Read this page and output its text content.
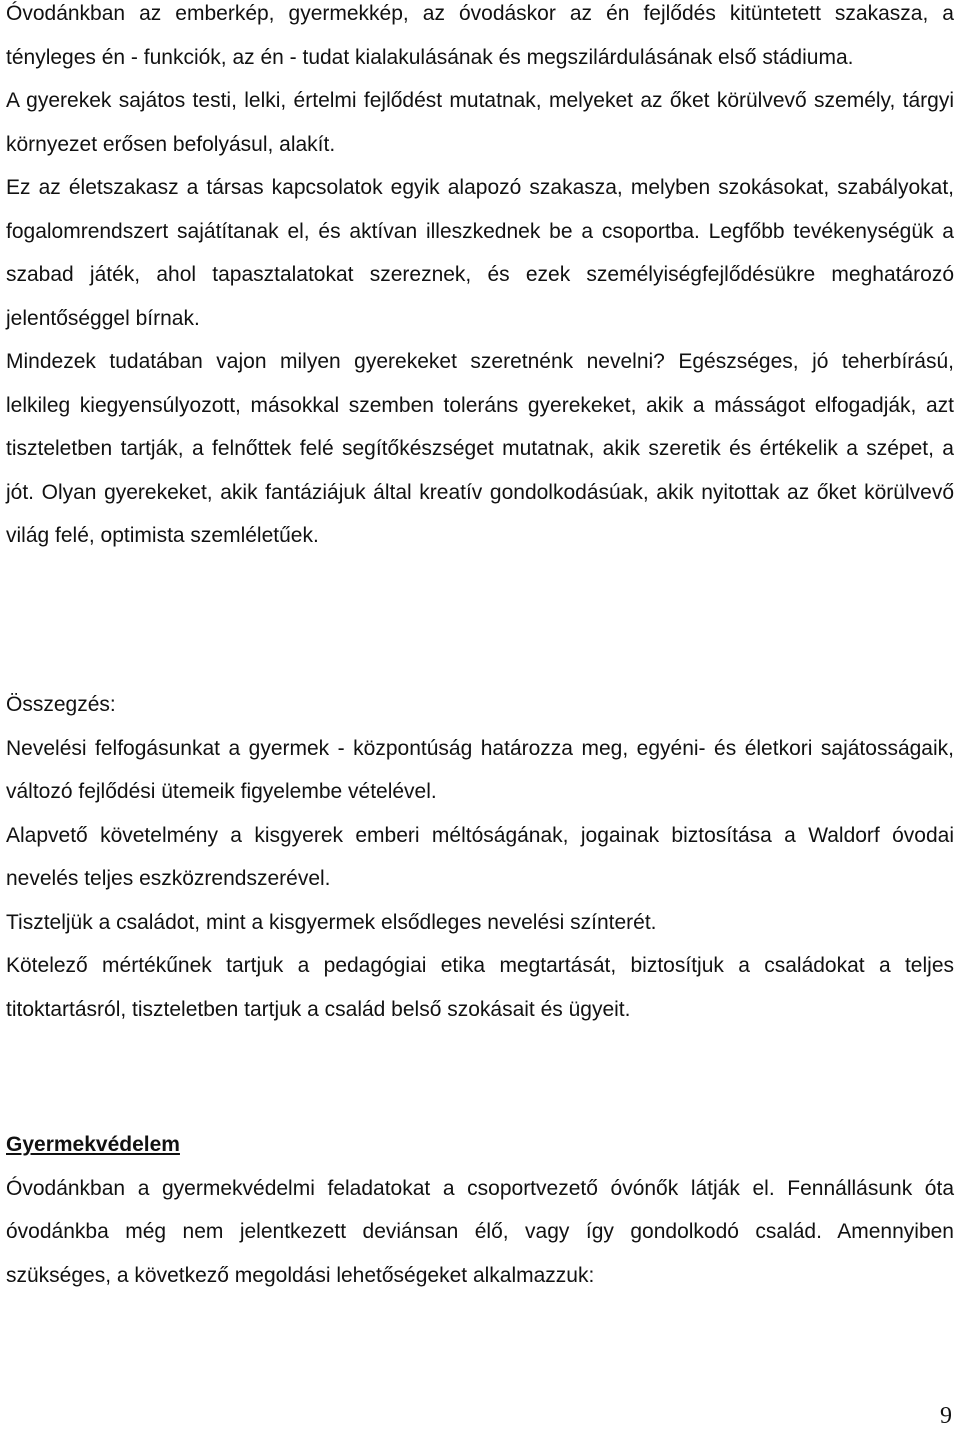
Óvodánkban az emberkép, gyermekkép, az óvodáskor az én fejlődés kitüntetett szakasza, a tényleges én - funkciók, az én - tudat kialakulásának és megszilárdulásának első stádiuma.

A gyerekek sajátos testi, lelki, értelmi fejlődést mutatnak, melyeket az őket körülvevő személy, tárgyi környezet erősen befolyásul, alakít.

Ez az életszakasz a társas kapcsolatok egyik alapozó szakasza, melyben szokásokat, szabályokat, fogalomrendszert sajátítanak el, és aktívan illeszkednek be a csoportba. Legfőbb tevékenységük a szabad játék, ahol tapasztalatokat szereznek, és ezek személyiségfejlődésükre meghatározó jelentőséggel bírnak.

Mindezek tudatában vajon milyen gyerekeket szeretnénk nevelni? Egészséges, jó teherbírású, lelkileg kiegyensúlyozott, másokkal szemben toleráns gyerekeket, akik a másságot elfogadják, azt tiszteletben tartják, a felnőttek felé segítőkészséget mutatnak, akik szeretik és értékelik a szépet, a jót. Olyan gyerekeket, akik fantáziájuk által kreatív gondolkodásúak, akik nyitottak az őket körülvevő világ felé, optimista szemléletűek.

Összegzés:

Nevelési felfogásunkat a gyermek - központúság határozza meg, egyéni- és életkori sajátosságaik, változó fejlődési ütemeik figyelembe vételével.

Alapvető követelmény a kisgyerek emberi méltóságának, jogainak biztosítása a Waldorf óvodai nevelés teljes eszközrendszerével.

Tiszteljük a családot, mint a kisgyermek elsődleges nevelési színterét.

Kötelező mértékűnek tartjuk a pedagógiai etika megtartását, biztosítjuk a családokat a teljes titoktartásról, tiszteletben tartjuk a család belső szokásait és ügyeit.

Gyermekvédelem

Óvodánkban a gyermekvédelmi feladatokat a csoportvezető óvónők látják el. Fennállásunk óta óvodánkba még nem jelentkezett deviánsan élő, vagy így gondolkodó család. Amennyiben szükséges, a következő megoldási lehetőségeket alkalmazzuk:

9
